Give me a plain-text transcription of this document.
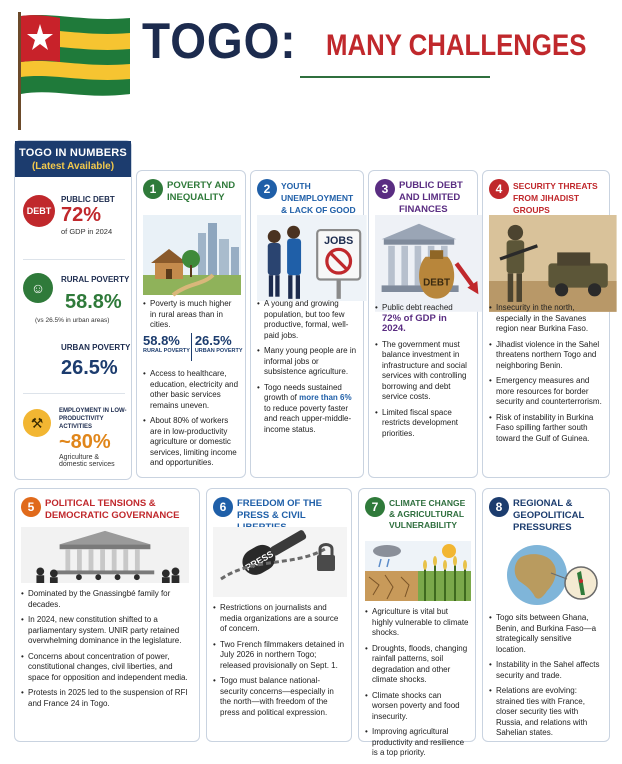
TOGO: MANY CHALLENGES
TOGO IN NUMBERS
(Latest Available)
DEBT
PUBLIC DEBT
72%
of GDP in 2024
☺
RURAL POVERTY
58.8%
(vs 26.5% in urban areas)
URBAN POVERTY
26.5%
⚒
EMPLOYMENT IN LOW-PRODUCTIVITY ACTIVITIES
~80%
Agriculture & domestic services
1	POVERTY AND INEQUALITY
• Poverty is much higher in rural areas than in cities.
58.8%
RURAL POVERTY
26.5%
URBAN POVERTY
• Access to healthcare, education, electricity and other basic services remains uneven.
• About 80% of workers are in low-productivity agriculture or domestic services, limiting income and opportunities.
2	YOUTH UNEMPLOYMENT & LACK OF GOOD
JOBS
• A young and growing population, but too few productive, formal, well-paid jobs.
• Many young people are in informal jobs or subsistence agriculture.
• Togo needs sustained growth of more than 6% to reduce poverty faster and reach upper-middle-income status.
3	PUBLIC DEBT AND LIMITED FINANCES
DEBT
• Public debt reached
72% of GDP in 2024.
• The government must balance investment in infrastructure and social services with controlling borrowing and debt service costs.
• Limited fiscal space restricts development priorities.
4	SECURITY THREATS FROM JIHADIST GROUPS
• Insecurity in the north, especially in the Savanes region near Burkina Faso.
• Jihadist violence in the Sahel threatens northern Togo and neighboring Benin.
• Emergency measures and more resources for border security and counterterrorism.
• Risk of instability in Burkina Faso spilling farther south toward the Gulf of Guinea.
5	POLITICAL TENSIONS & DEMOCRATIC GOVERNANCE
• Dominated by the Gnassingbé family for decades.
• In 2024, new constitution shifted to a parliamentary system. UNIR party retained overwhelming dominance in the legislature.
• Concerns about concentration of power, constitutional changes, civil liberties, and space for opposition and independent media.
• Protests in 2025 led to the suspension of RFI and France 24 in Togo.
6	FREEDOM OF THE PRESS & CIVIL
PRESS
• Restrictions on journalists and media organizations are a source of concern.
• Two French filmmakers detained in July 2026 in northern Togo; released provisionally on Sept. 1.
• Togo must balance national-security concerns—especially in the north—with freedom of the press and political expression.
7	CLIMATE CHANGE & AGRICULTURAL VULNERABILITY
• Agriculture is vital but highly vulnerable to climate shocks.
• Droughts, floods, changing rainfall patterns, soil degradation and other climate shocks.
• Climate shocks can worsen poverty and food insecurity.
• Improving agricultural productivity and resilience is a top priority.
8	REGIONAL & GEOPOLITICAL PRESSURES
• Togo sits between Ghana, Benin, and Burkina Faso—a strategically sensitive location.
• Instability in the Sahel affects security and trade.
• Relations are evolving: strained ties with France, closer security ties with Russia, and relations with Sahelian states.
